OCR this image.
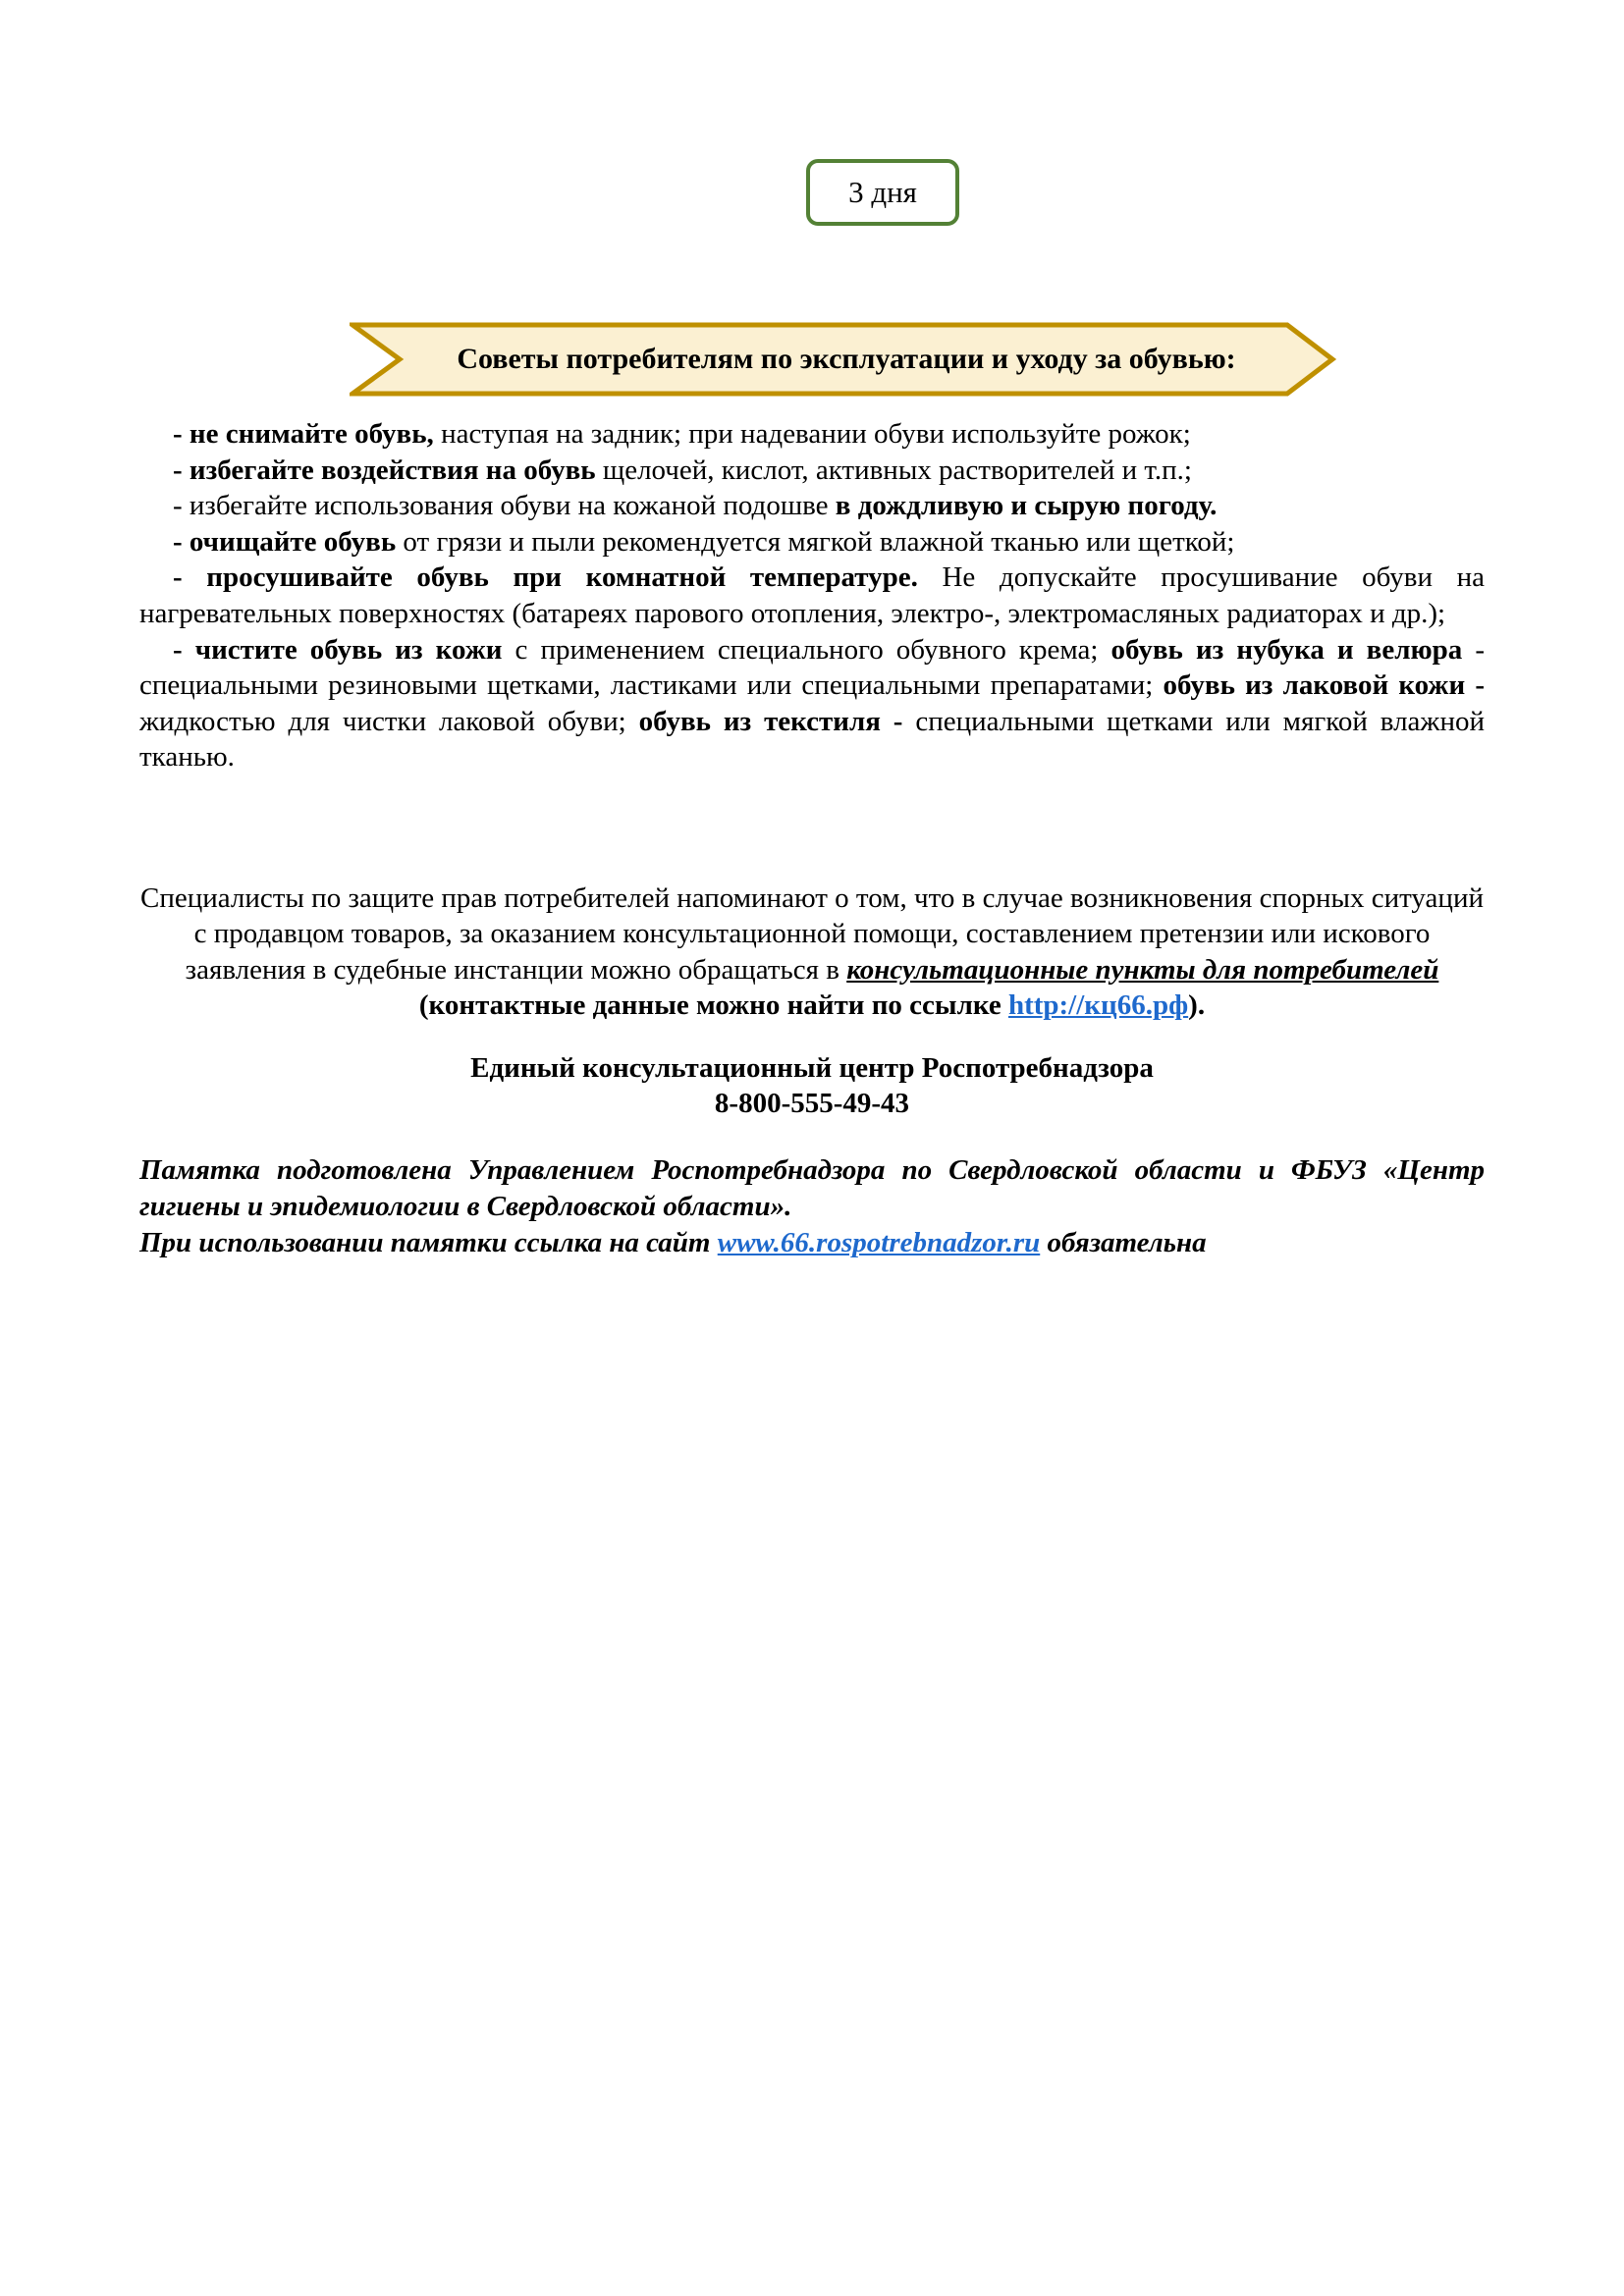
3 дня
Советы потребителям по эксплуатации и уходу за обувью:

- не снимайте обувь, наступая на задник; при надевании обуви используйте рожок;

- избегайте воздействия на обувь щелочей, кислот, активных растворителей и т.п.;

- избегайте использования обуви на кожаной подошве в дождливую и сырую погоду.

- очищайте обувь от грязи и пыли рекомендуется мягкой влажной тканью или щеткой;

- просушивайте обувь при комнатной температуре. Не допускайте просушивание обуви на нагревательных поверхностях (батареях парового отопления, электро-, электромасляных радиаторах и др.);

- чистите обувь из кожи с применением специального обувного крема; обувь из нубука и велюра - специальными резиновыми щетками, ластиками или специальными препаратами; обувь из лаковой кожи - жидкостью для чистки лаковой обуви; обувь из текстиля - специальными щетками или мягкой влажной тканью.

Специалисты по защите прав потребителей напоминают о том, что в случае возникновения спорных ситуаций с продавцом товаров, за оказанием консультационной помощи, составлением претензии или искового заявления в судебные инстанции можно обращаться в консультационные пункты для потребителей (контактные данные можно найти по ссылке http://кц66.рф).
Единый консультационный центр Роспотребнадзора
8-800-555-49-43

Памятка подготовлена Управлением Роспотребнадзора по Свердловской области и ФБУЗ «Центр гигиены и эпидемиологии в Свердловской области».

При использовании памятки ссылка на сайт www.66.rospotrebnadzor.ru обязательна
